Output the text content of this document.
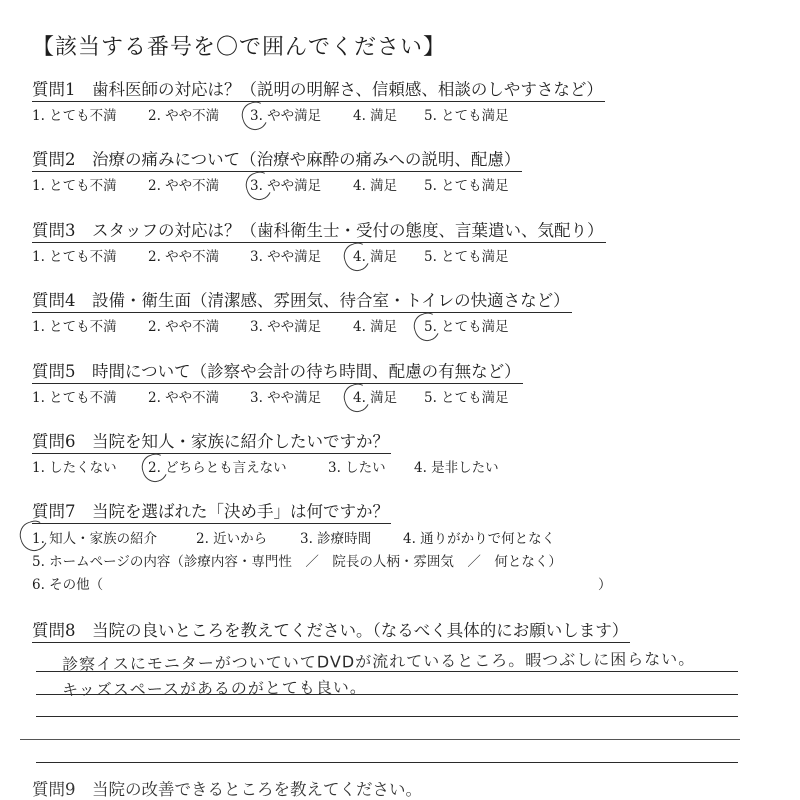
【該当する番号を〇で囲んでください】
質問1　歯科医師の対応は？（説明の明解さ、信頼感、相談のしやすさなど）
1. とても不満 2. やや不満 3. やや満足 4. 満足 5. とても満足
質問2　治療の痛みについて（治療や麻酔の痛みへの説明、配慮）
1. とても不満 2. やや不満 3. やや満足 4. 満足 5. とても満足
質問3　スタッフの対応は？（歯科衛生士・受付の態度、言葉遣い、気配り）
1. とても不満 2. やや不満 3. やや満足 4. 満足 5. とても満足
質問4　設備・衛生面（清潔感、雰囲気、待合室・トイレの快適さなど）
1. とても不満 2. やや不満 3. やや満足 4. 満足 5. とても満足
質問5　時間について（診察や会計の待ち時間、配慮の有無など）
1. とても不満 2. やや不満 3. やや満足 4. 満足 5. とても満足
質問6　当院を知人・家族に紹介したいですか？
1. したくない 2. どちらとも言えない	3. したい 4. 是非したい
質問7　当院を選ばれた「決め手」は何ですか？
1. 知人・家族の紹介	2. 近いから 3. 診療時間 4. 通りがかりで何となく
5. ホームページの内容（診療内容・専門性　／　院長の人柄・雰囲気　／　何となく）
6. その他（	）
質問8　当院の良いところを教えてください。（なるべく具体的にお願いします）
診察イスにモニターがついていてDVDが流れているところ。暇つぶしに困らない。
キッズスペースがあるのがとても良い。
質問9　当院の改善できるところを教えてください。
